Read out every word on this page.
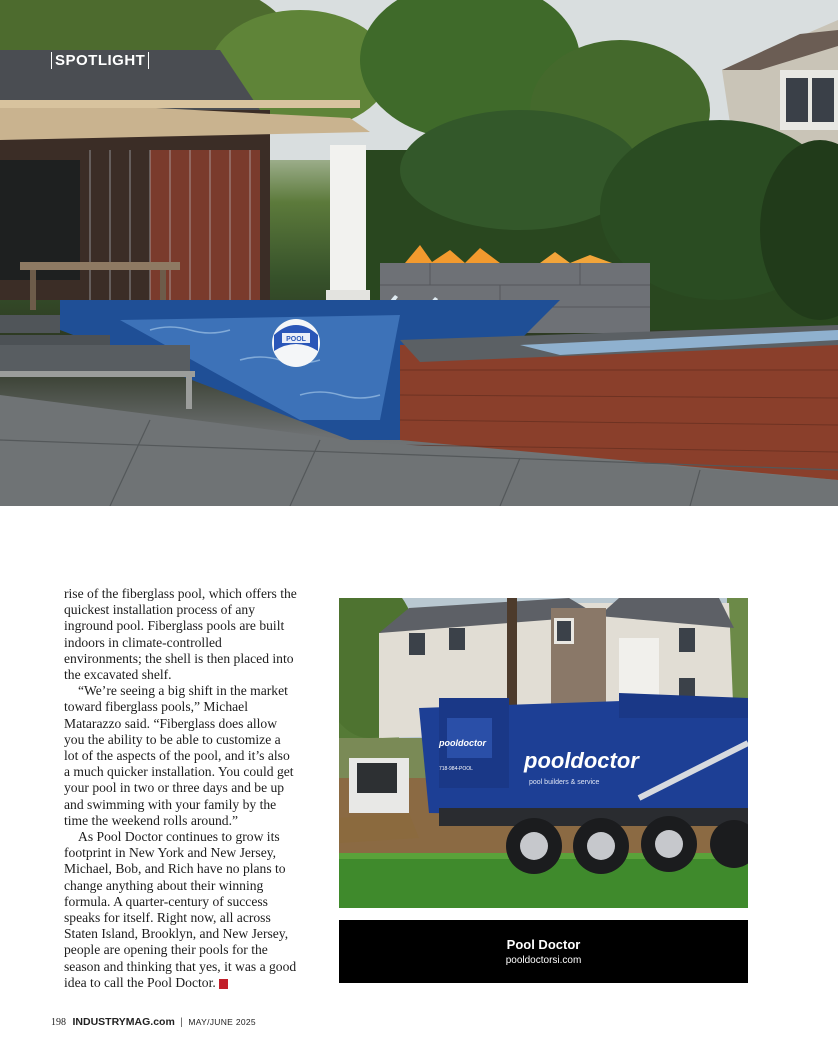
POOL
SPOTLIGHT

rise of the fiberglass pool, which offers the quickest installation process of any inground pool. Fiberglass pools are built indoors in climate-controlled environments; the shell is then placed into the excavated shelf.

“We’re seeing a big shift in the market toward fiberglass pools,” Michael Matarazzo said. “Fiberglass does allow you the ability to be able to customize a lot of the aspects of the pool, and it’s also a much quicker installation. You could get your pool in two or three days and be up and swimming with your family by the time the weekend rolls around.”

As Pool Doctor continues to grow its footprint in New York and New Jersey, Michael, Bob, and Rich have no plans to change anything about their winning formula. A quarter-century of success speaks for itself. Right now, all across Staten Island, Brooklyn, and New Jersey, people are opening their pools for the season and thinking that yes, it was a good idea to call the Pool Doctor. I

pooldoctor
pool builders & service
pooldoctor
718-984-POOL
Pool Doctor
pooldoctorsi.com
198 INDUSTRYMAG.com | MAY/JUNE 2025
